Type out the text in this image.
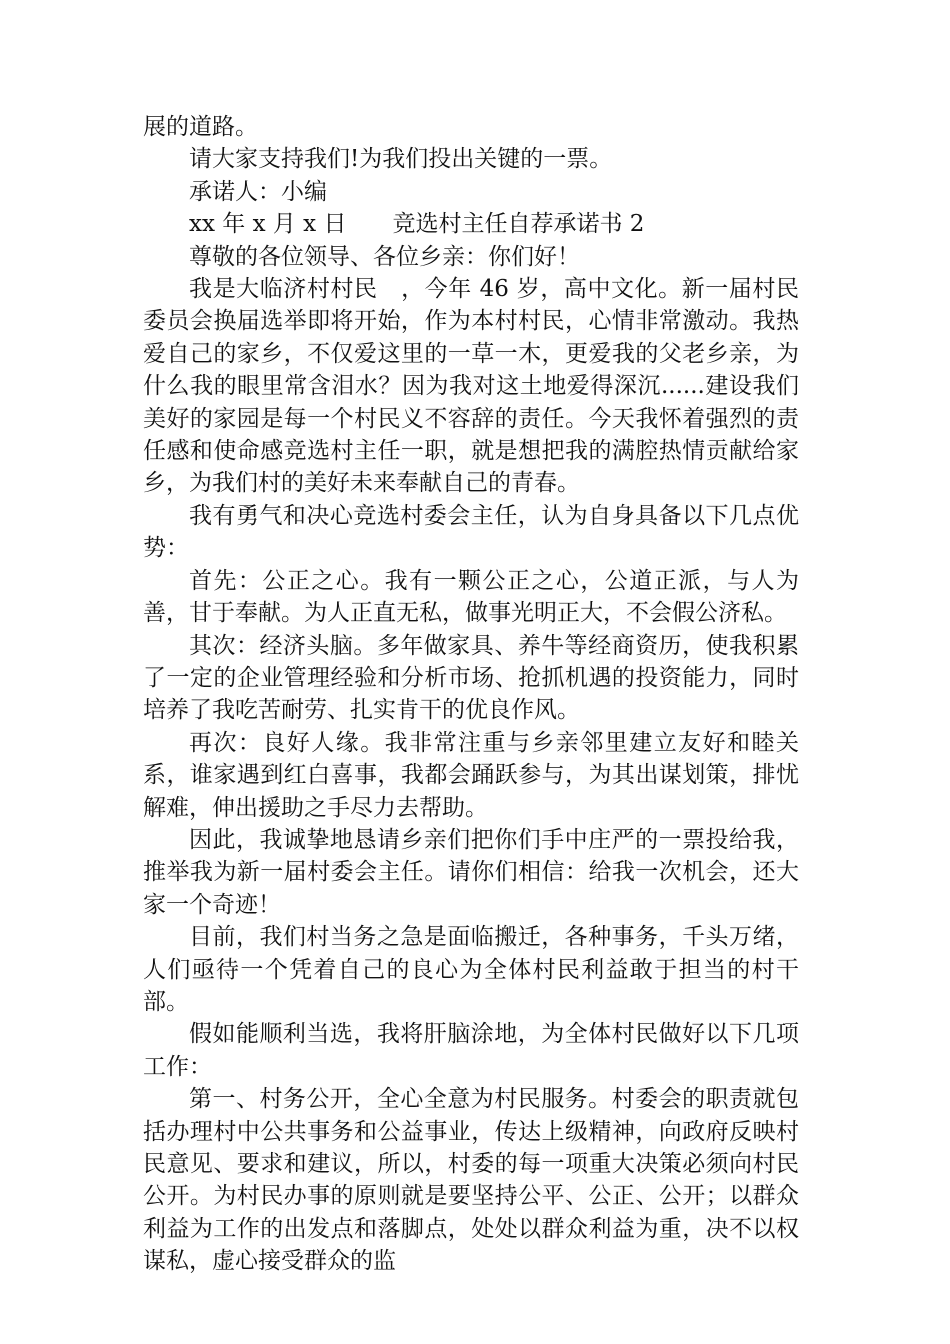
展的道路。

请大家支持我们!为我们投出关键的一票。

承诺人：小编

xx 年 x 月 x 日　　竞选村主任自荐承诺书 2

尊敬的各位领导、各位乡亲：你们好！

我是大临济村村民　，今年 46 岁，高中文化。新一届村民委员会换届选举即将开始，作为本村村民，心情非常激动。我热爱自己的家乡，不仅爱这里的一草一木，更爱我的父老乡亲，为什么我的眼里常含泪水？因为我对这土地爱得深沉......建设我们美好的家园是每一个村民义不容辞的责任。今天我怀着强烈的责任感和使命感竞选村主任一职，就是想把我的满腔热情贡献给家乡，为我们村的美好未来奉献自己的青春。

我有勇气和决心竞选村委会主任，认为自身具备以下几点优势：

首先：公正之心。我有一颗公正之心，公道正派，与人为善，甘于奉献。为人正直无私，做事光明正大，不会假公济私。

其次：经济头脑。多年做家具、养牛等经商资历，使我积累了一定的企业管理经验和分析市场、抢抓机遇的投资能力，同时培养了我吃苦耐劳、扎实肯干的优良作风。

再次：良好人缘。我非常注重与乡亲邻里建立友好和睦关系，谁家遇到红白喜事，我都会踊跃参与，为其出谋划策，排忧解难，伸出援助之手尽力去帮助。

因此，我诚挚地恳请乡亲们把你们手中庄严的一票投给我，推举我为新一届村委会主任。请你们相信：给我一次机会，还大家一个奇迹！

目前，我们村当务之急是面临搬迁，各种事务，千头万绪，人们亟待一个凭着自己的良心为全体村民利益敢于担当的村干部。

假如能顺利当选，我将肝脑涂地，为全体村民做好以下几项工作：

第一、村务公开，全心全意为村民服务。村委会的职责就包括办理村中公共事务和公益事业，传达上级精神，向政府反映村民意见、要求和建议，所以，村委的每一项重大决策必须向村民公开。为村民办事的原则就是要坚持公平、公正、公开；以群众利益为工作的出发点和落脚点，处处以群众利益为重，决不以权谋私，虚心接受群众的监
